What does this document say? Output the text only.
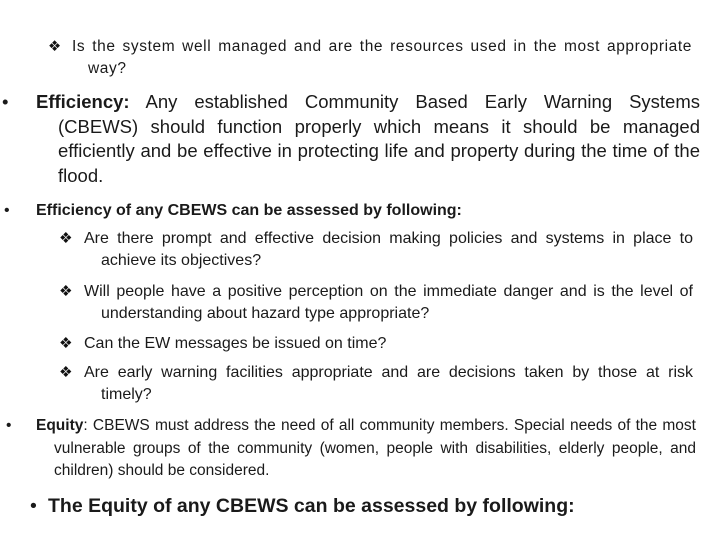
❖ Is the system well managed and are the resources used in the most appropriate way?
• Efficiency: Any established Community Based Early Warning Systems (CBEWS) should function properly which means it should be managed efficiently and be effective in protecting life and property during the time of the flood.
• Efficiency of any CBEWS can be assessed by following:
❖ Are there prompt and effective decision making policies and systems in place to achieve its objectives?
❖ Will people have a positive perception on the immediate danger and is the level of understanding about hazard type appropriate?
❖ Can the EW messages be issued on time?
❖ Are early warning facilities appropriate and are decisions taken by those at risk timely?
• Equity: CBEWS must address the need of all community members. Special needs of the most vulnerable groups of the community (women, people with disabilities, elderly people, and children) should be considered.
• The Equity of any CBEWS can be assessed by following:
